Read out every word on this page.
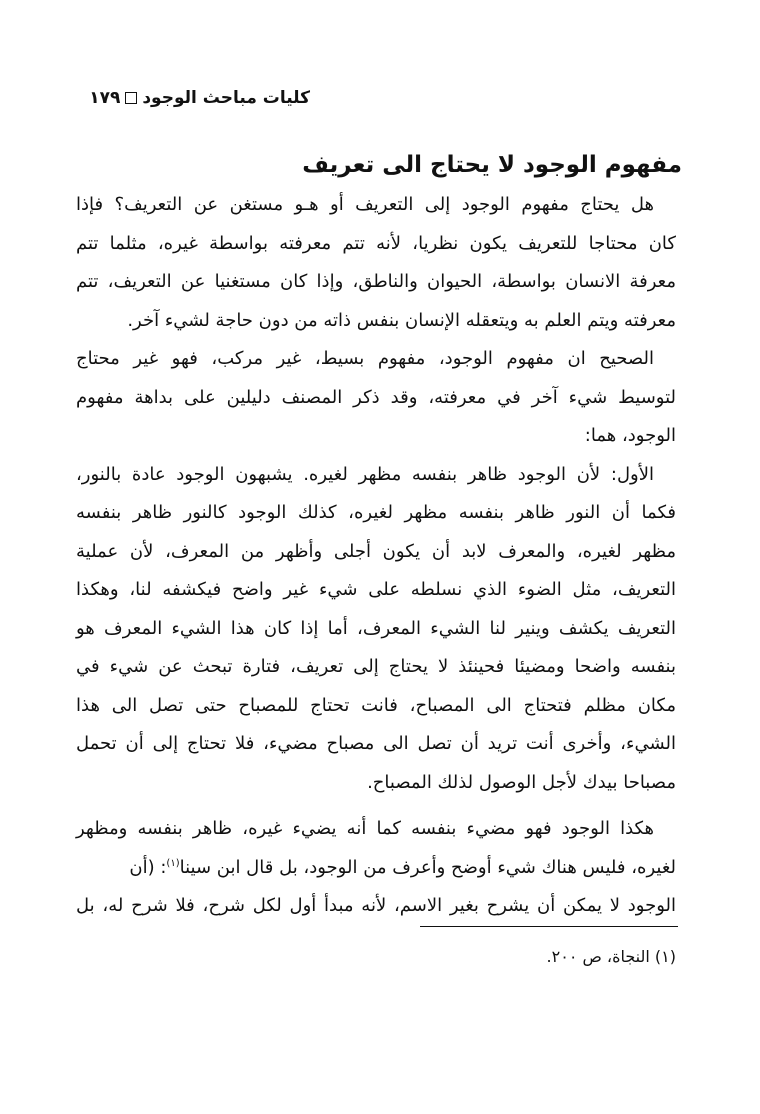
كليات مباحث الوجود١٧٩
مفهوم الوجود لا يحتاج الى تعريف
هل يحتاج مفهوم الوجود إلى التعريف أو هـو مستغن عن التعريف؟ فإذا
كان محتاجا للتعريف يكون نظريا، لأنه تتم معرفته بواسطة غيره، مثلما تتم
معرفة الانسان بواسطة، الحيوان والناطق، وإذا كان مستغنيا عن التعريف، تتم
معرفته ويتم العلم به ويتعقله الإنسان بنفس ذاته من دون حاجة لشيء آخر.
الصحيح ان مفهوم الوجود، مفهوم بسيط، غير مركب، فهو غير محتاج
لتوسيط شيء آخر في معرفته، وقد ذكر المصنف دليلين على بداهة مفهوم
الوجود، هما:
الأول: لأن الوجود ظاهر بنفسه مظهر لغيره. يشبهون الوجود عادة بالنور،
فكما أن النور ظاهر بنفسه مظهر لغيره، كذلك الوجود كالنور ظاهر بنفسه
مظهر لغيره، والمعرف لابد أن يكون أجلى وأظهر من المعرف، لأن عملية
التعريف، مثل الضوء الذي نسلطه على شيء غير واضح فيكشفه لنا، وهكذا
التعريف يكشف وينير لنا الشيء المعرف، أما إذا كان هذا الشيء المعرف هو
بنفسه واضحا ومضيئا فحينئذ لا يحتاج إلى تعريف، فتارة تبحث عن شيء في
مكان مظلم فتحتاج الى المصباح، فانت تحتاج للمصباح حتى تصل الى هذا
الشيء، وأخرى أنت تريد أن تصل الى مصباح مضيء، فلا تحتاج إلى أن تحمل
مصباحا بيدك لأجل الوصول لذلك المصباح.
هكذا الوجود فهو مضيء بنفسه كما أنه يضيء غيره، ظاهر بنفسه ومظهر
لغيره، فليس هناك شيء أوضح وأعرف من الوجود، بل قال ابن سينا$^{(١)}$: (أن
الوجود لا يمكن أن يشرح بغير الاسم، لأنه مبدأ أول لكل شرح، فلا شرح له، بل
(١) النجاة، ص ٢٠٠.
